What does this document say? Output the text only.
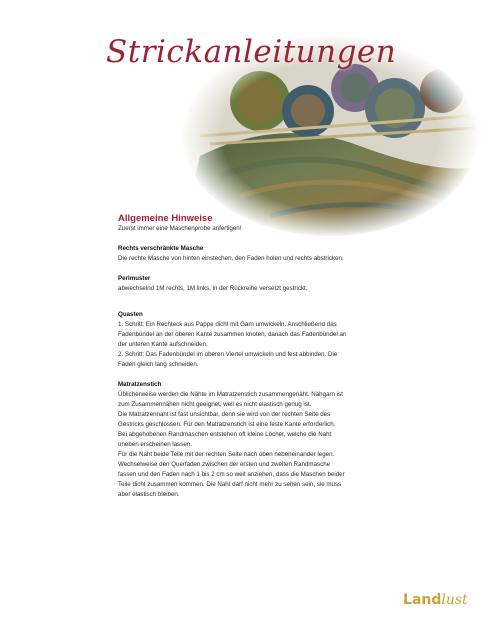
Strickanleitungen

Allgemeine Hinweise

Zuerst immer eine Maschenprobe anfertigen!

Rechts verschränkte Masche

Die rechte Masche von hinten einstechen, den Faden holen und rechts abstricken.

Perlmuster

abwechselnd 1M rechts, 1M links, in der Rückreihe versetzt gestrickt.

Quasten

1. Schritt: Ein Rechteck aus Pappe dicht mit Garn umwickeln. Anschließend das

Fadenbündel an der oberen Kante zusammen knoten, danach das Fadenbündel an

der unteren Kante aufschneiden.

2. Schritt: Das Fadenbündel im oberen Viertel umwickeln und fest abbinden. Die

Fäden gleich lang schneiden.

Matratzenstich

Üblicherweise werden die Nähte im Matratzenstich zusammengenäht. Nähgarn ist

zum Zusammennähen nicht geeignet, weil es nicht elastisch genug ist.

Die Matratzennaht ist fast unsichtbar, denn sie wird von der rechten Seite des

Gestricks geschlossen. Für den Matratzenstich ist eine feste Kante erforderlich.

Bei abgehobenen Randmaschen entstehen oft kleine Löcher, welche die Naht

uneben erscheinen lassen.

Für die Naht beide Teile mit der rechten Seite nach oben nebeneinander legen.

Wechselweise den Querfaden zwischen der ersten und zweiten Randmasche

fassen und den Faden nach 1 bis 2 cm so weit anziehen, dass die Maschen beider

Teile dicht zusammen kommen. Die Naht darf nicht mehr zu sehen sein, sie muss

aber elastisch bleiben.

Landlust
